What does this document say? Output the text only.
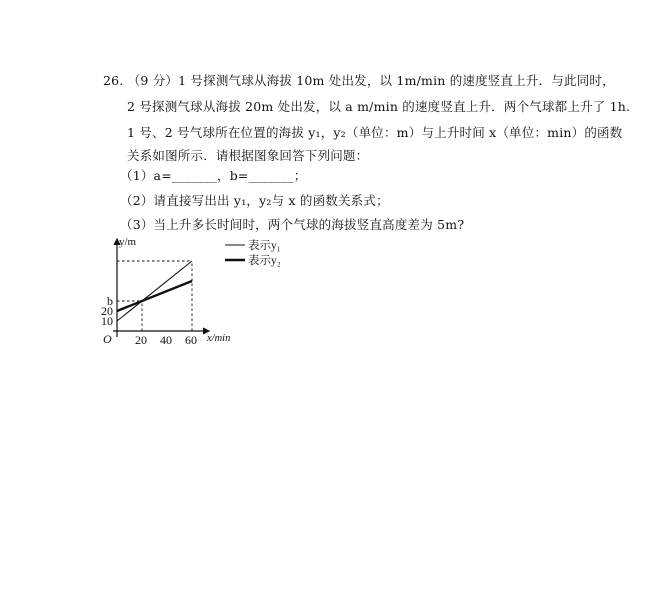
26. （9 分）1 号探测气球从海拔 10m 处出发，以 1m/min 的速度竖直上升．与此同时，
2 号探测气球从海拔 20m 处出发，以 a m/min 的速度竖直上升．两个气球都上升了 1h.
1 号、2 号气球所在位置的海拔 y₁，y₂（单位：m）与上升时间 x（单位：min）的函数
关系如图所示．请根据图象回答下列问题：
（1）a=_______，b=_______；
（2）请直接写出出 y₁，y₂与 x 的函数关系式；
（3）当上升多长时间时，两个气球的海拔竖直高度差为 5m?
20 40 60
10
20
b
y/m
x/min
O
表示y₁
表示y₂
